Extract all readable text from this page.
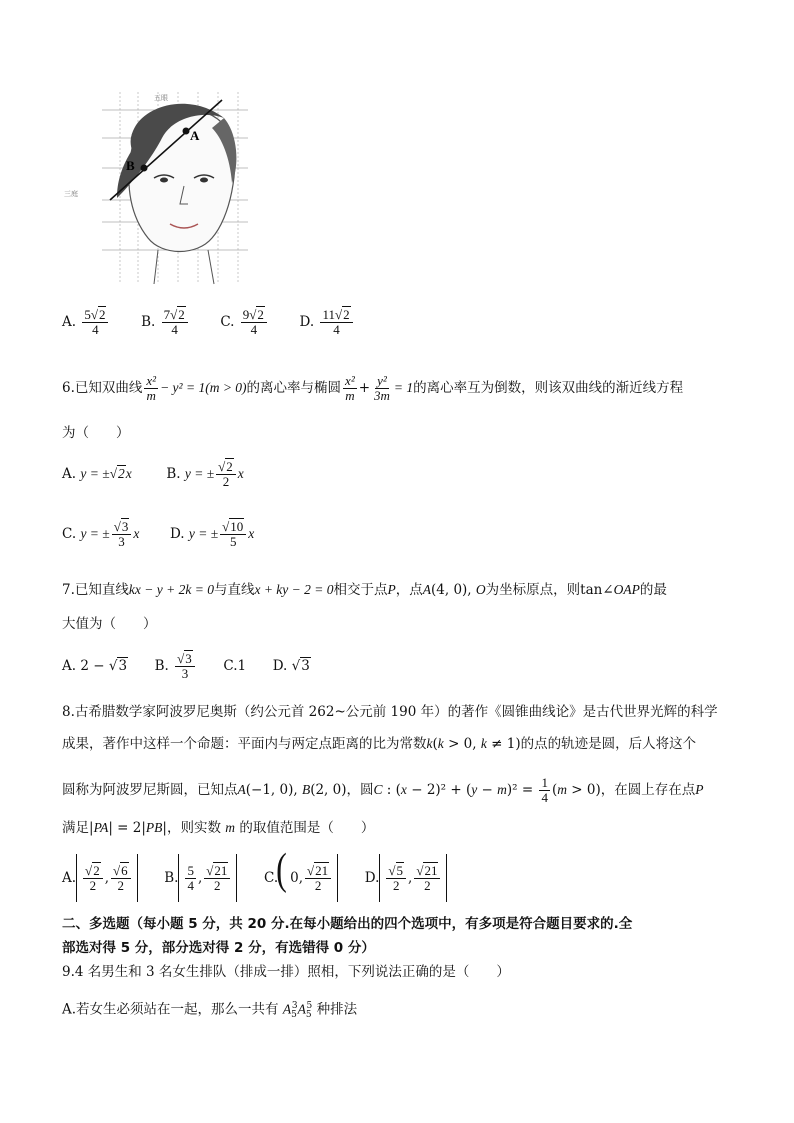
A
B
五眼
三庭
A. $\frac{5√2}{4} B$. $\frac{7√2}{4} C$. $\frac{9√2}{4} D$. $\frac{11√2}{4}$
6.已知双曲线 $\frac{\text{x²}}{m} - y^2 = 1(m > 0)$的离心率与椭圆 $\frac{\text{x²}}{m} + \frac{\text{y²}}{3m} = 1$的离心率互为倒数，则该双曲线的渐近线方程
为（　　）
A. y = ±√2x	B. y = ± $\frac{√2}{2}$ x
C. y = ± $\frac{√3}{3}$ x D. y = ± $\frac{√10}{5}$ x
7.已知直线kx − y + 2k = 0与直线x + ky − 2 = 0相交于点P，点A(4, 0), O为坐标原点，则tan∠OAP的最
大值为（　　）
A. 2 − √3 B. $\frac{√3}{3} C.1$ D. √3
8.古希腊数学家阿波罗尼奥斯（约公元首 262~公元前 190 年）的著作《圆锥曲线论》是古代世界光辉的科学
成果，著作中这样一个命题：平面内与两定点距离的比为常数k(k > 0, k ≠ 1)的点的轨迹是圆，后人将这个
圆称为阿波罗尼斯圆，已知点A(−1, 0), B(2, 0)，圆C : $(x - 2)^2 + (y - m)^2 = \frac{1}{4} (m > 0)$，在圆上存在点P
满足|PA| = 2|PB|，则实数 m 的取值范围是（　　）
A. $\frac{√2}{2}$ , $\frac{√6}{2} B$. $\frac{5}{4}$ , $\frac{√21}{2} C$.
( 0, $\frac{√21}{2} D$. $\frac{√5}{2}$ , $\frac{√21}{2}$
二、多选题（每小题 5 分，共 20 分.在每小题给出的四个选项中，有多项是符合题目要求的.全
部选对得 5 分，部分选对得 2 分，有选错得 0 分）
9.4 名男生和 3 名女生排队（排成一排）照相，下列说法正确的是（　　）
A.若女生必须站在一起，那么一共有 $A_5^3A_5^5$ 种排法
